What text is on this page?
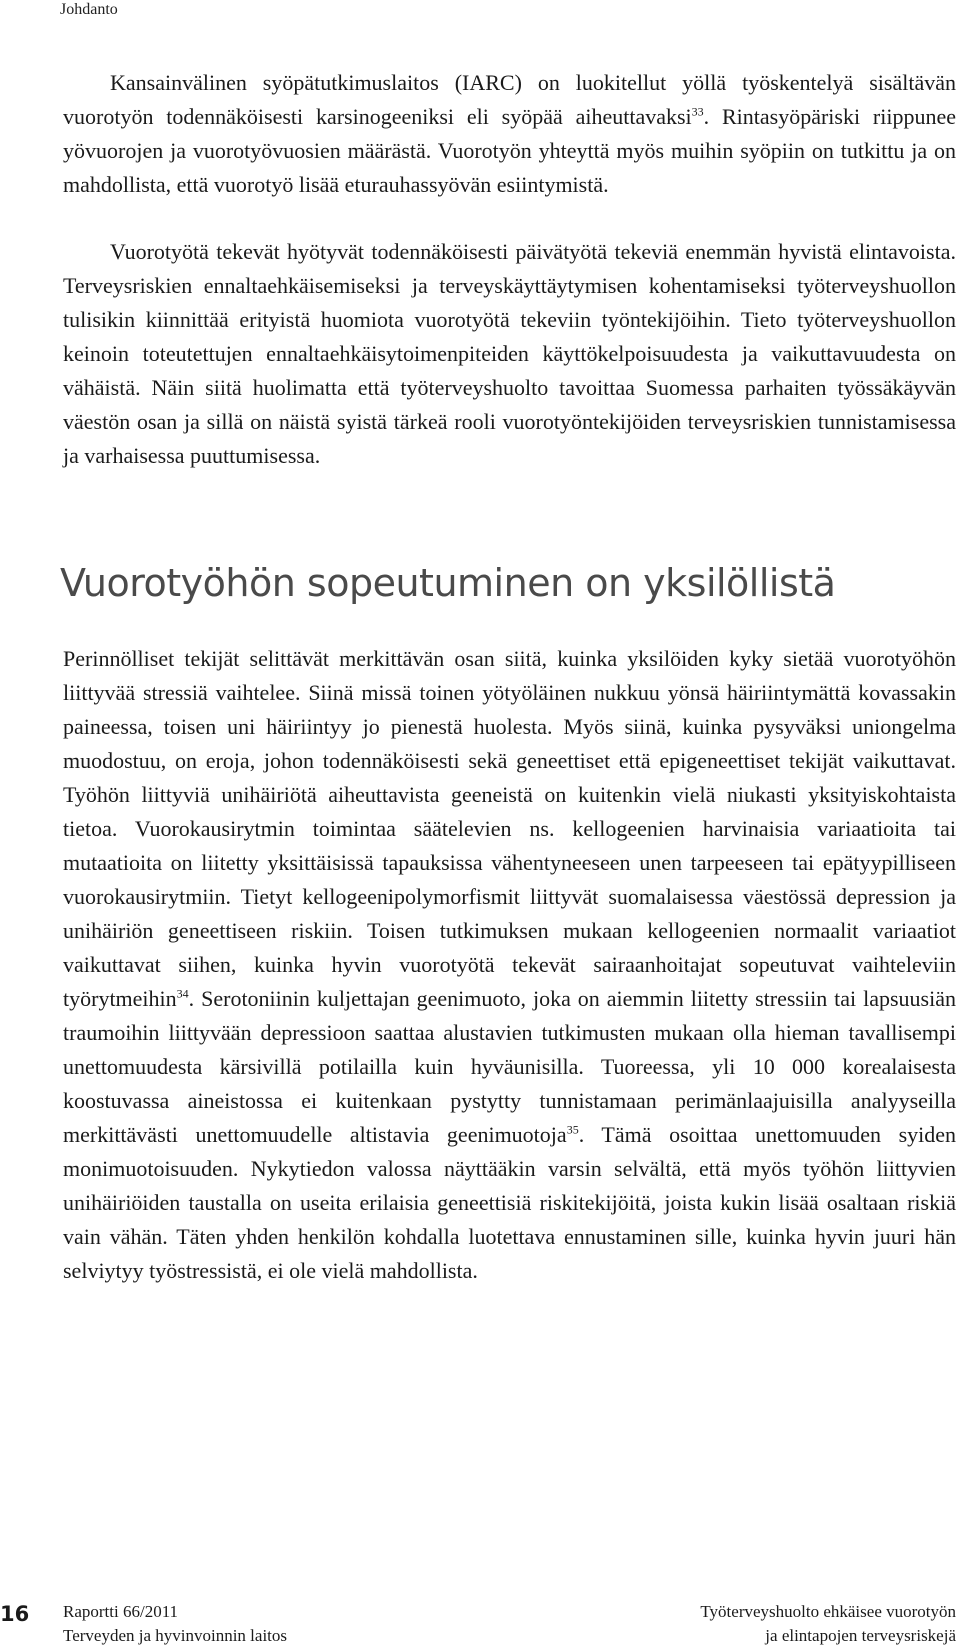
Johdanto

Kansainvälinen syöpätutkimuslaitos (IARC) on luokitellut yöllä työskentelyä sisältävän vuorotyön todennäköisesti karsinogeeniksi eli syöpää aiheuttavaksi$^{33}$. Rintasyöpäriski riippunee yövuorojen ja vuorotyövuosien määrästä. Vuorotyön yhteyttä myös muihin syöpiin on tutkittu ja on mahdollista, että vuorotyö lisää eturauhassyövän esiintymistä.

Vuorotyötä tekevät hyötyvät todennäköisesti päivätyötä tekeviä enemmän hyvistä elintavoista. Terveysriskien ennaltaehkäisemiseksi ja terveyskäyttäytymisen kohentamiseksi työterveyshuollon tulisikin kiinnittää erityistä huomiota vuorotyötä tekeviin työntekijöihin. Tieto työterveyshuollon keinoin toteutettujen ennaltaehkäisytoimenpiteiden käyttökelpoisuudesta ja vaikuttavuudesta on vähäistä. Näin siitä huolimatta että työterveyshuolto tavoittaa Suomessa parhaiten työssäkäyvän väestön osan ja sillä on näistä syistä tärkeä rooli vuorotyöntekijöiden terveysriskien tunnistamisessa ja varhaisessa puuttumisessa.

Vuorotyöhön sopeutuminen on yksilöllistä

Perinnölliset tekijät selittävät merkittävän osan siitä, kuinka yksilöiden kyky sietää vuorotyöhön liittyvää stressiä vaihtelee. Siinä missä toinen yötyöläinen nukkuu yönsä häiriintymättä kovassakin paineessa, toisen uni häiriintyy jo pienestä huolesta. Myös siinä, kuinka pysyväksi uniongelma muodostuu, on eroja, johon todennäköisesti sekä geneettiset että epigeneettiset tekijät vaikuttavat. Työhön liittyviä unihäiriötä aiheuttavista geeneistä on kuitenkin vielä niukasti yksityiskohtaista tietoa. Vuorokausirytmin toimintaa säätelevien ns. kellogeenien harvinaisia variaatioita tai mutaatioita on liitetty yksittäisissä tapauksissa vähentyneeseen unen tarpeeseen tai epätyypilliseen vuorokausirytmiin. Tietyt kellogeenipolymorfismit liittyvät suomalaisessa väestössä depression ja unihäiriön geneettiseen riskiin. Toisen tutkimuksen mukaan kellogeenien normaalit variaatiot vaikuttavat siihen, kuinka hyvin vuorotyötä tekevät sairaanhoitajat sopeutuvat vaihteleviin työrytmeihin$^{34}$. Serotoniinin kuljettajan geenimuoto, joka on aiemmin liitetty stressiin tai lapsuusiän traumoihin liittyvään depressioon saattaa alustavien tutkimusten mukaan olla hieman tavallisempi unettomuudesta kärsivillä potilailla kuin hyväunisilla. Tuoreessa, yli 10 000 korealaisesta koostuvassa aineistossa ei kuitenkaan pystytty tunnistamaan perimänlaajuisilla analyyseilla merkittävästi unettomuudelle altistavia geenimuotoja$^{35}$. Tämä osoittaa unettomuuden syiden monimuotoisuuden. Nykytiedon valossa näyttääkin varsin selvältä, että myös työhön liittyvien unihäiriöiden taustalla on useita erilaisia geneettisiä riskitekijöitä, joista kukin lisää osaltaan riskiä vain vähän. Täten yhden henkilön kohdalla luotettava ennustaminen sille, kuinka hyvin juuri hän selviytyy työstressistä, ei ole vielä mahdollista.

16 Raportti 66/2011
Terveyden ja hyvinvoinnin laitos
Työterveyshuolto ehkäisee vuorotyön
ja elintapojen terveysriskejä
